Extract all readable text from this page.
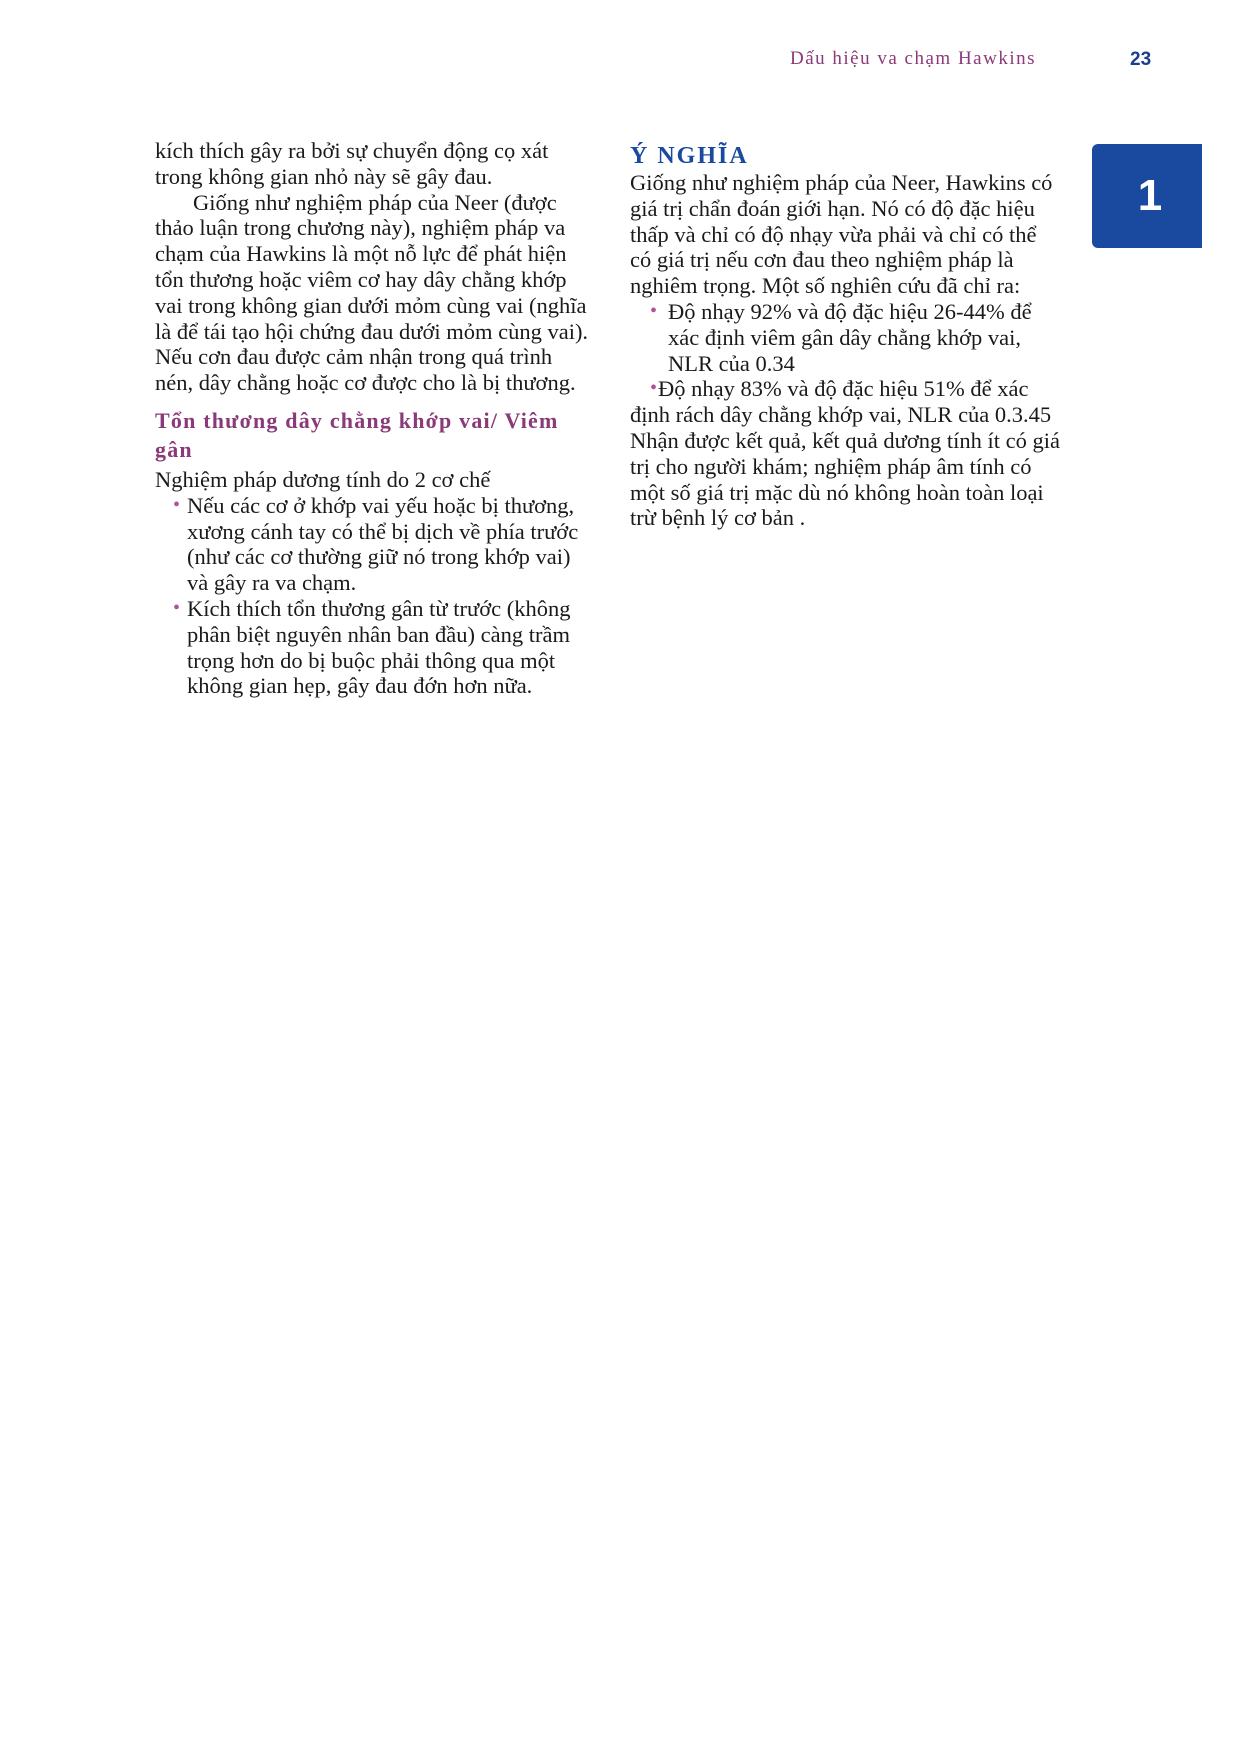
Dấu hiệu va chạm Hawkins	23
1

kích thích gây ra bởi sự chuyển động cọ xát trong không gian nhỏ này sẽ gây đau.

Giống như nghiệm pháp của Neer (được thảo luận trong chương này), nghiệm pháp va chạm của Hawkins là một nỗ lực để phát hiện tổn thương hoặc viêm cơ hay dây chằng khớp vai trong không gian dưới mỏm cùng vai (nghĩa là để tái tạo hội chứng đau dưới mỏm cùng vai). Nếu cơn đau được cảm nhận trong quá trình nén, dây chằng hoặc cơ được cho là bị thương.

Tổn thương dây chằng khớp vai/ Viêm gân

Nghiệm pháp dương tính do 2 cơ chế

• Nếu các cơ ở khớp vai yếu hoặc bị thương, xương cánh tay có thể bị dịch về phía trước (như các cơ thường giữ nó trong khớp vai) và gây ra va chạm.
• Kích thích tổn thương gân từ trước (không phân biệt nguyên nhân ban đầu) càng trầm trọng hơn do bị buộc phải thông qua một không gian hẹp, gây đau đớn hơn nữa.
Ý NGHĨA

Giống như nghiệm pháp của Neer, Hawkins có giá trị chẩn đoán giới hạn. Nó có độ đặc hiệu thấp và chỉ có độ nhạy vừa phải và chỉ có thể có giá trị nếu cơn đau theo nghiệm pháp là nghiêm trọng. Một số nghiên cứu đã chỉ ra:

• Độ nhạy 92% và độ đặc hiệu 26-44% để xác định viêm gân dây chằng khớp vai, NLR của 0.34
• Độ nhạy 83% và độ đặc hiệu 51% để xác định rách dây chằng khớp vai, NLR của 0.3.45

Nhận được kết quả, kết quả dương tính ít có giá trị cho người khám; nghiệm pháp âm tính có một số giá trị mặc dù nó không hoàn toàn loại trừ bệnh lý cơ bản .
